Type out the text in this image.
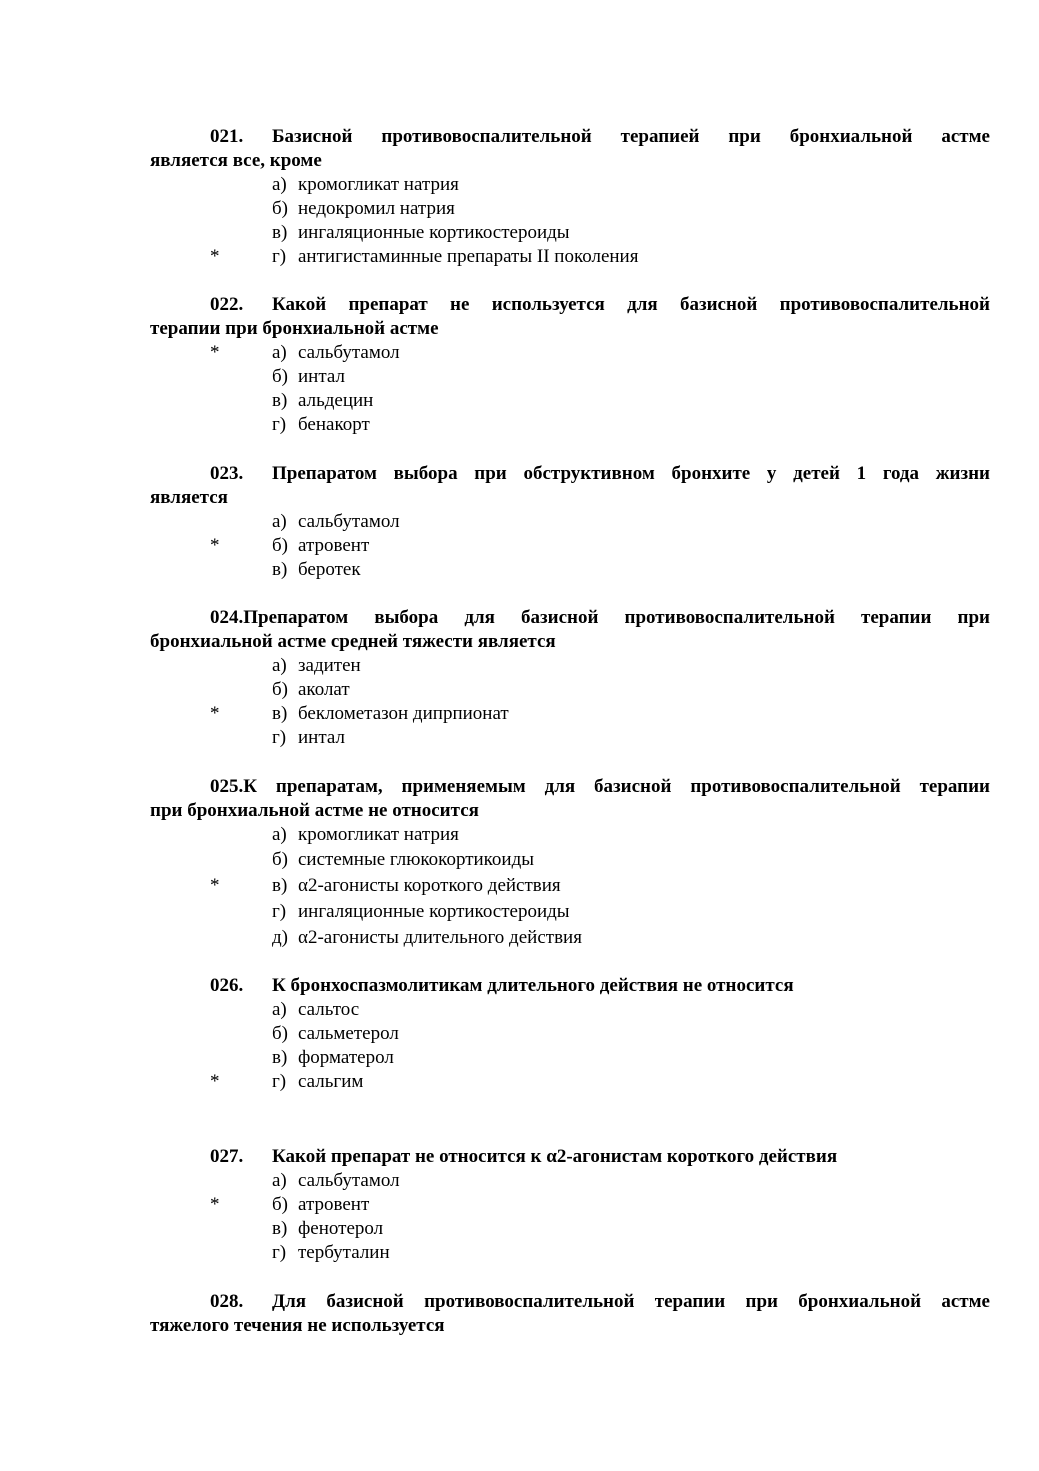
021. Базисной противовоспалительной терапией при бронхиальной астме
является все, кроме
а) кромогликат натрия
б) недокромил натрия
в) ингаляционные кортикостероиды
*	г) антигистаминные препараты II поколения
022. Какой препарат не используется для базисной противовоспалительной
терапии при бронхиальной астме
*	а) сальбутамол
б) интал
в) альдецин
г) бенакорт
023. Препаратом выбора при обструктивном бронхите у детей 1 года жизни
является
а) сальбутамол
*	б) атровент
в) беротек
024.Препаратом выбора для базисной противовоспалительной терапии при
бронхиальной астме средней тяжести является
а) задитен
б) аколат
*	в) беклометазон дипрпионат
г) интал
025.К препаратам, применяемым для базисной противовоспалительной терапии
при бронхиальной астме не относится
а) кромогликат натрия
б) системные глюкокортикоиды
*	в) α2-агонисты короткого действия
г) ингаляционные кортикостероиды
д) α2-агонисты длительного действия
026. К бронхоспазмолитикам длительного действия не относится
а) сальтос
б) сальметерол
в) форматерол
*	г) сальгим
027. Какой препарат не относится к α2-агонистам короткого действия
а) сальбутамол
*	б) атровент
в) фенотерол
г) тербуталин
028. Для базисной противовоспалительной терапии при бронхиальной астме
тяжелого течения не используется
